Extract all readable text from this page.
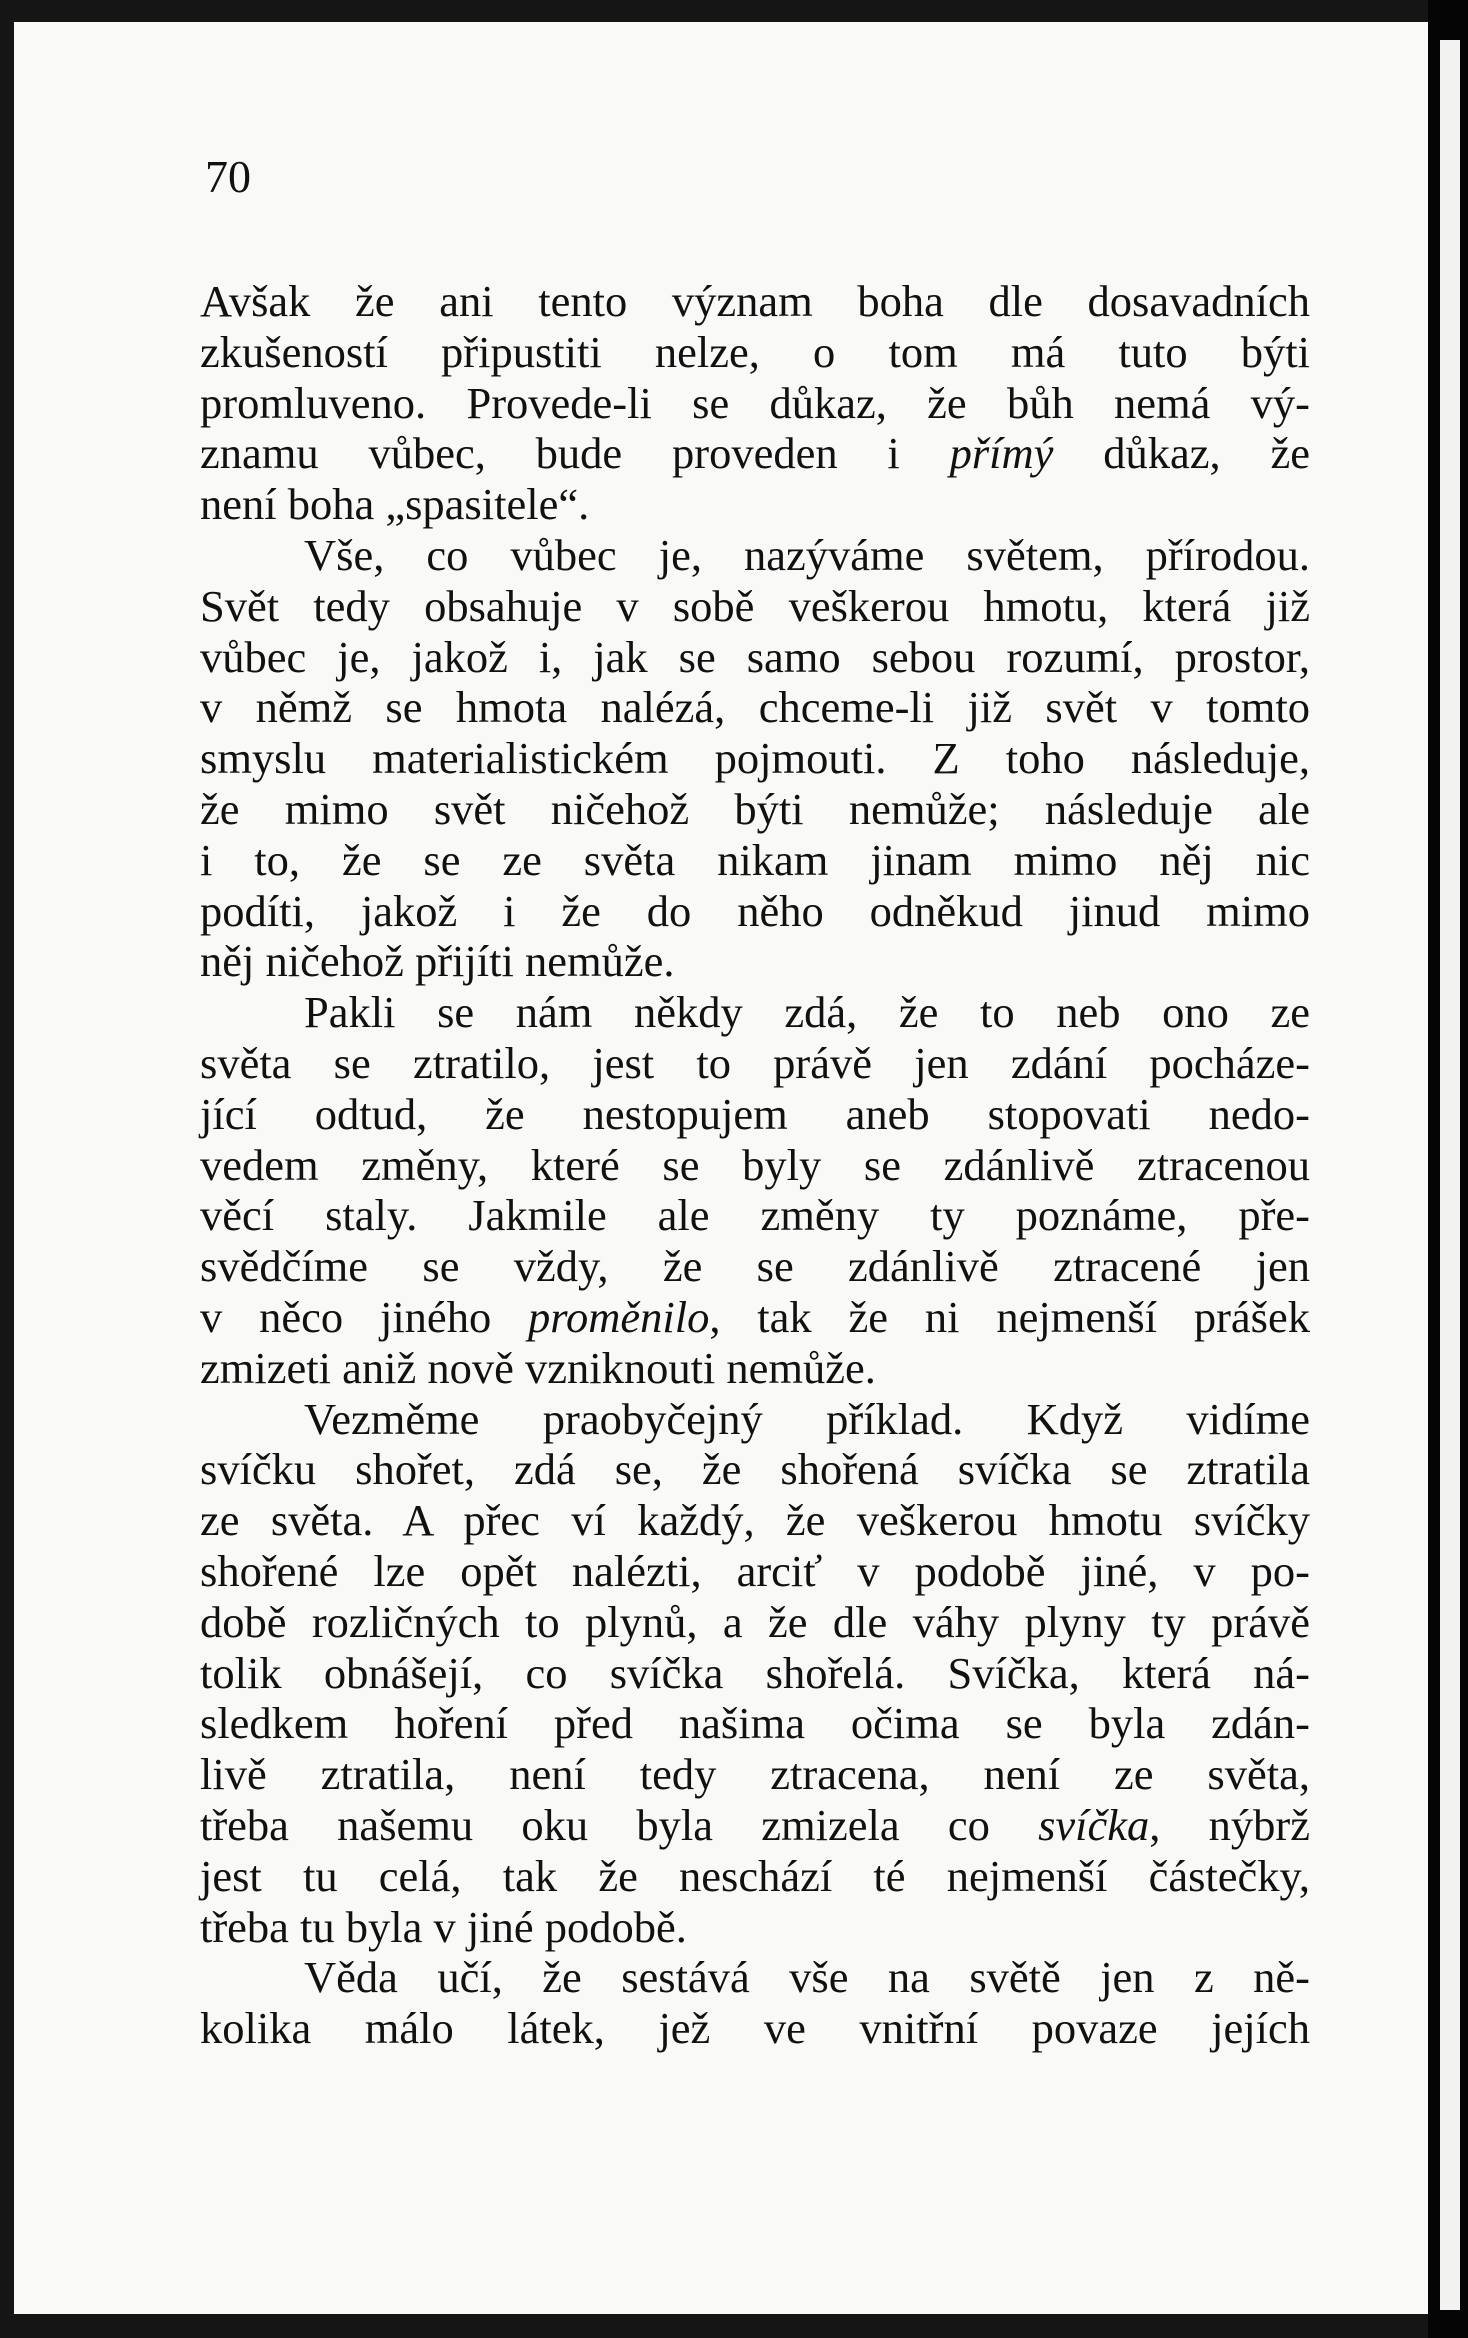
70
Avšak že ani tento význam boha dle dosavadních
zkušeností připustiti nelze, o tom má tuto býti
promluveno. Provede-li se důkaz, že bůh nemá vý-
znamu vůbec, bude proveden i přímý důkaz, že
není boha „spasitele“.
Vše, co vůbec je, nazýváme světem, přírodou.
Svět tedy obsahuje v sobě veškerou hmotu, která již
vůbec je, jakož i, jak se samo sebou rozumí, prostor,
v němž se hmota nalézá, chceme-li již svět v tomto
smyslu materialistickém pojmouti. Z toho následuje,
že mimo svět ničehož býti nemůže; následuje ale
i to, že se ze světa nikam jinam mimo něj nic
podíti, jakož i že do něho odněkud jinud mimo
něj ničehož přijíti nemůže.
Pakli se nám někdy zdá, že to neb ono ze
světa se ztratilo, jest to právě jen zdání pocháze-
jící odtud, že nestopujem aneb stopovati nedo-
vedem změny, které se byly se zdánlivě ztracenou
věcí staly. Jakmile ale změny ty poznáme, pře-
svědčíme se vždy, že se zdánlivě ztracené jen
v něco jiného proměnilo, tak že ni nejmenší prášek
zmizeti aniž nově vzniknouti nemůže.
Vezměme praobyčejný příklad. Když vidíme
svíčku shořet, zdá se, že shořená svíčka se ztratila
ze světa. A přec ví každý, že veškerou hmotu svíčky
shořené lze opět nalézti, arciť v podobě jiné, v po-
době rozličných to plynů, a že dle váhy plyny ty právě
tolik obnášejí, co svíčka shořelá. Svíčka, která ná-
sledkem hoření před našima očima se byla zdán-
livě ztratila, není tedy ztracena, není ze světa,
třeba našemu oku byla zmizela co svíčka, nýbrž
jest tu celá, tak že neschází té nejmenší částečky,
třeba tu byla v jiné podobě.
Věda učí, že sestává vše na světě jen z ně-
kolika málo látek, jež ve vnitřní povaze jejích
